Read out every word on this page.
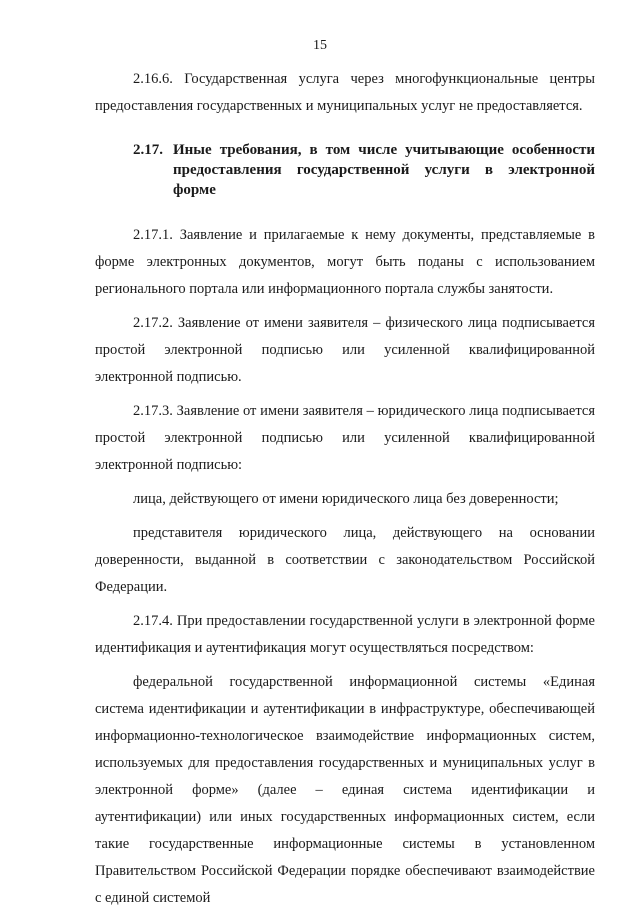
15

2.16.6. Государственная услуга через многофункциональные центры предоставления государственных и муниципальных услуг не предоставляется.

2.17. Иные требования, в том числе учитывающие особенности предоставления государственной услуги в электронной форме

2.17.1. Заявление и прилагаемые к нему документы, представляемые в форме электронных документов, могут быть поданы с использованием регионального портала или информационного портала службы занятости.

2.17.2. Заявление от имени заявителя – физического лица подписывается простой электронной подписью или усиленной квалифицированной электронной подписью.

2.17.3. Заявление от имени заявителя – юридического лица подписывается простой электронной подписью или усиленной квалифицированной электронной подписью:

лица, действующего от имени юридического лица без доверенности;

представителя юридического лица, действующего на основании доверенности, выданной в соответствии с законодательством Российской Федерации.

2.17.4. При предоставлении государственной услуги в электронной форме идентификация и аутентификация могут осуществляться посредством:

федеральной государственной информационной системы «Единая система идентификации и аутентификации в инфраструктуре, обеспечивающей информационно-технологическое взаимодействие информационных систем, используемых для предоставления государственных и муниципальных услуг в электронной форме» (далее – единая система идентификации и аутентификации) или иных государственных информационных систем, если такие государственные информационные системы в установленном Правительством Российской Федерации порядке обеспечивают взаимодействие с единой системой
